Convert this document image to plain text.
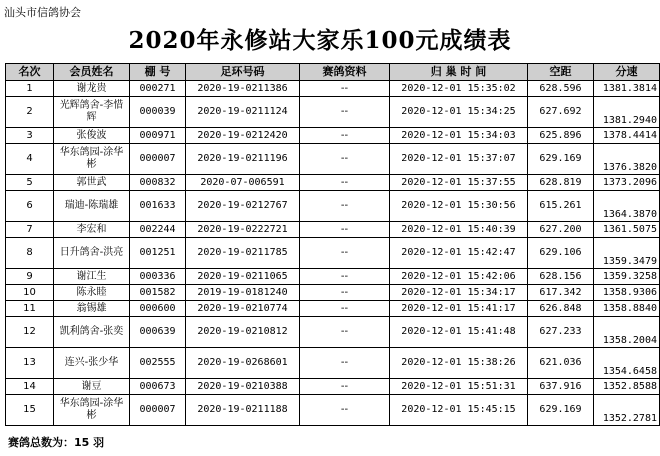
汕头市信鸽协会
2020年永修站大家乐100元成绩表
名次	会员姓名	棚 号	足环号码	赛鸽资料	归 巢 时 间	空距	分速
1	谢龙贵	000271	2020-19-0211386	--	2020-12-01 15:35:02	628.596	1381.3814
2	光辉鸽舍-李惜辉	000039	2020-19-0211124	--	2020-12-01 15:34:25	627.692	1381.2940
3	张俊波	000971	2020-19-0212420	--	2020-12-01 15:34:03	625.896	1378.4414
4	华东鸽园-涂华彬	000007	2020-19-0211196	--	2020-12-01 15:37:07	629.169	1376.3820
5	郭世武	000832	2020-07-006591	--	2020-12-01 15:37:55	628.819	1373.2096
6	瑞迪-陈瑞雄	001633	2020-19-0212767	--	2020-12-01 15:30:56	615.261	1364.3870
7	李宏和	002244	2020-19-0222721	--	2020-12-01 15:40:39	627.200	1361.5075
8	日升鸽舍-洪亮	001251	2020-19-0211785	--	2020-12-01 15:42:47	629.106	1359.3479
9	谢江生	000336	2020-19-0211065	--	2020-12-01 15:42:06	628.156	1359.3258
10	陈永睦	001582	2019-19-0181240	--	2020-12-01 15:34:17	617.342	1358.9306
11	翁锡雄	000600	2020-19-0210774	--	2020-12-01 15:41:17	626.848	1358.8840
12	凯利鸽舍-张奕	000639	2020-19-0210812	--	2020-12-01 15:41:48	627.233	1358.2004
13	连兴-张少华	002555	2020-19-0268601	--	2020-12-01 15:38:26	621.036	1354.6458
14	谢豆	000673	2020-19-0210388	--	2020-12-01 15:51:31	637.916	1352.8588
15	华东鸽园-涂华彬	000007	2020-19-0211188	--	2020-12-01 15:45:15	629.169	1352.2781
赛鸽总数为：15 羽
